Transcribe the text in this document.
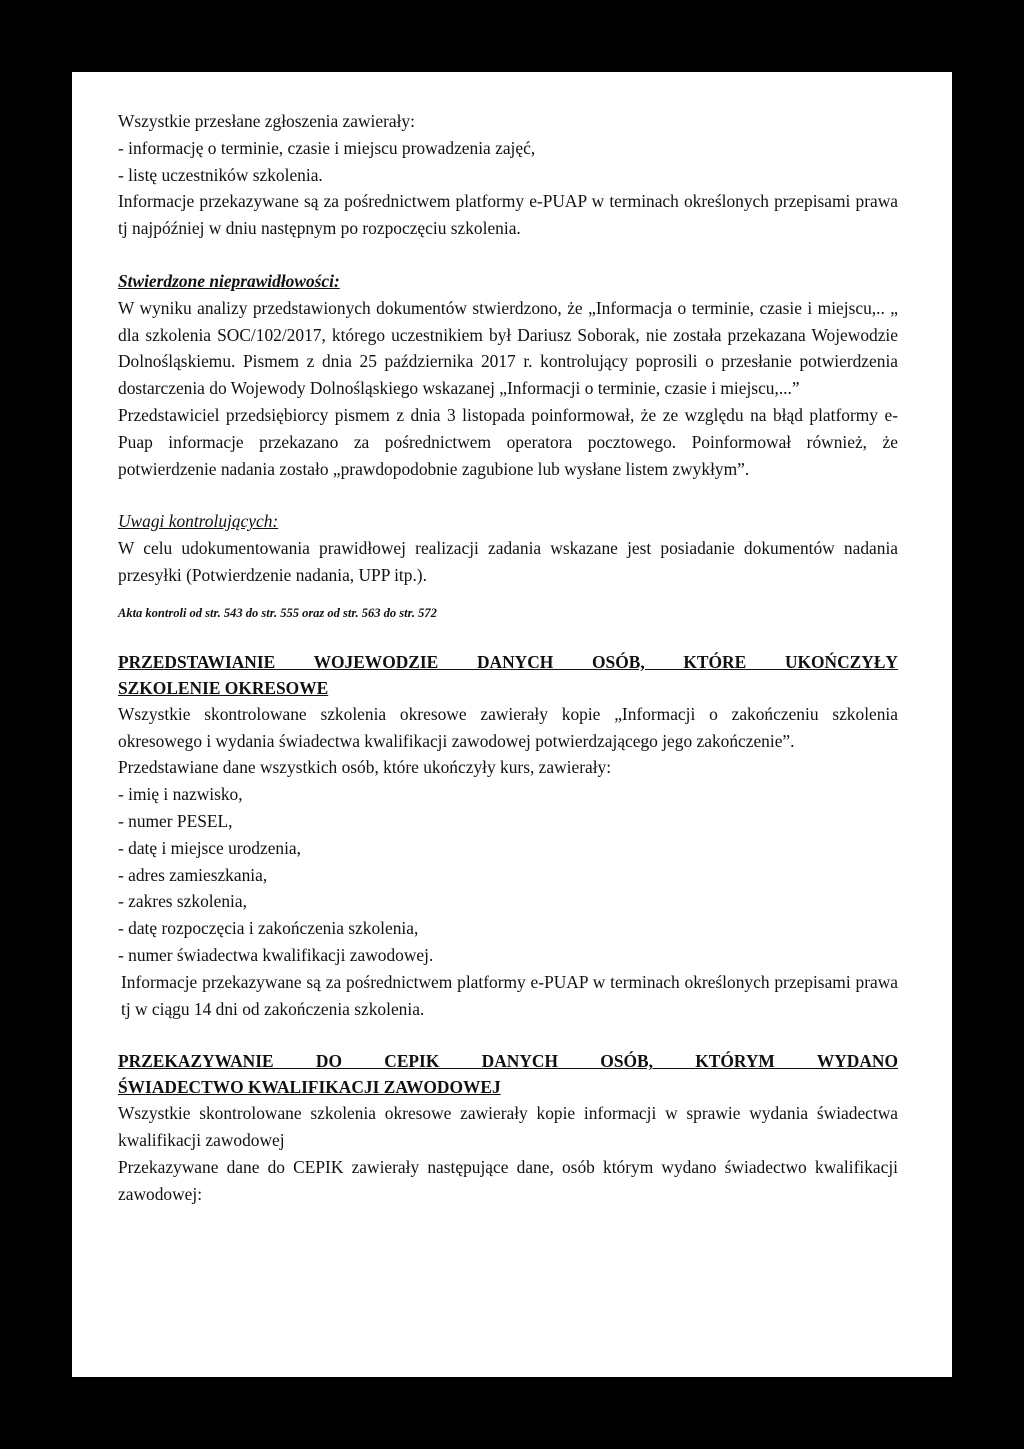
Wszystkie przesłane zgłoszenia zawierały:

- informację o terminie, czasie i miejscu prowadzenia zajęć,

- listę uczestników szkolenia.

Informacje przekazywane są za pośrednictwem platformy e-PUAP w terminach określonych przepisami prawa tj najpóźniej w dniu następnym po rozpoczęciu szkolenia.

Stwierdzone nieprawidłowości:

W wyniku analizy przedstawionych dokumentów stwierdzono, że „Informacja o terminie, czasie i miejscu,.. „ dla szkolenia SOC/102/2017, którego uczestnikiem był Dariusz Soborak, nie została przekazana Wojewodzie Dolnośląskiemu. Pismem z dnia 25 października 2017 r. kontrolujący poprosili o przesłanie potwierdzenia dostarczenia do Wojewody Dolnośląskiego wskazanej „Informacji o terminie, czasie i miejscu,...”

Przedstawiciel przedsiębiorcy pismem z dnia 3 listopada poinformował, że ze względu na błąd platformy e-Puap informacje przekazano za pośrednictwem operatora pocztowego. Poinformował również, że potwierdzenie nadania zostało „prawdopodobnie zagubione lub wysłane listem zwykłym”.

Uwagi kontrolujących:

W celu udokumentowania prawidłowej realizacji zadania wskazane jest posiadanie dokumentów nadania przesyłki (Potwierdzenie nadania, UPP itp.).

Akta kontroli od str. 543 do str. 555 oraz od str. 563 do str. 572

PRZEDSTAWIANIE WOJEWODZIE DANYCH OSÓB, KTÓRE UKOŃCZYŁY
SZKOLENIE OKRESOWE

Wszystkie skontrolowane szkolenia okresowe zawierały kopie „Informacji o zakończeniu szkolenia okresowego i wydania świadectwa kwalifikacji zawodowej potwierdzającego jego zakończenie”.

Przedstawiane dane wszystkich osób, które ukończyły kurs, zawierały:

- imię i nazwisko,

- numer PESEL,

- datę i miejsce urodzenia,

- adres zamieszkania,

- zakres szkolenia,

- datę rozpoczęcia i zakończenia szkolenia,

- numer świadectwa kwalifikacji zawodowej.

Informacje przekazywane są za pośrednictwem platformy e-PUAP w terminach określonych przepisami prawa tj w ciągu 14 dni od zakończenia szkolenia.

PRZEKAZYWANIE DO CEPIK DANYCH OSÓB, KTÓRYM WYDANO
ŚWIADECTWO KWALIFIKACJI ZAWODOWEJ

Wszystkie skontrolowane szkolenia okresowe zawierały kopie informacji w sprawie wydania świadectwa kwalifikacji zawodowej

Przekazywane dane do CEPIK zawierały następujące dane, osób którym wydano świadectwo kwalifikacji zawodowej:
